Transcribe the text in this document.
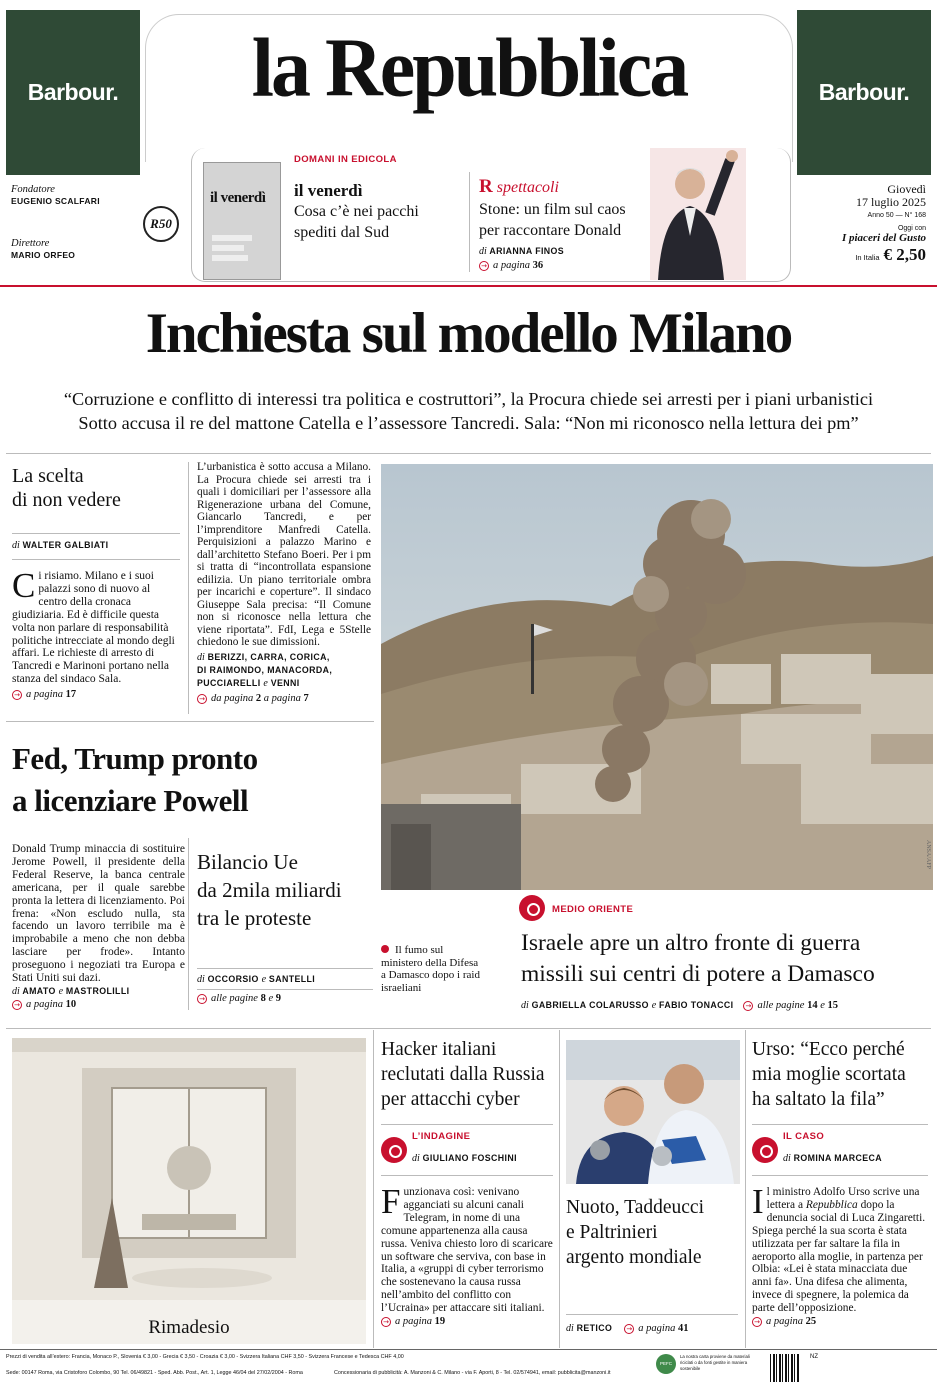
Barbour.	Barbour.
la Repubblica
Fondatore
EUGENIO SCALFARI
Direttore
MARIO ORFEO
R50
DOMANI IN EDICOLA
il venerdì	il venerdì
Cosa c’è nei pacchi spediti dal Sud
R spettacoli
Stone: un film sul caos per raccontare Donald
di ARIANNA FINOS
→ a pagina 36
Giovedì
17 luglio 2025
Anno 50 — N° 168
Oggi con
I piaceri del Gusto
In Italia € 2,50
Inchiesta sul modello Milano
“Corruzione e conflitto di interessi tra politica e costruttori”, la Procura chiede sei arresti per i piani urbanistici
Sotto accusa il re del mattone Catella e l’assessore Tancredi. Sala: “Non mi riconosco nella lettura dei pm”
La scelta
di non vedere
di WALTER GALBIATI
Ci risiamo. Milano e i suoi palazzi sono di nuovo al centro della cronaca giudiziaria. Ed è difficile questa volta non parlare di responsabilità politiche intrecciate al mondo degli affari. Le richieste di arresto di Tancredi e Marinoni portano nella stanza del sindaco Sala.
→ a pagina 17
L’urbanistica è sotto accusa a Milano. La Procura chiede sei arresti tra i quali i domiciliari per l’assessore alla Rigenerazione urbana del Comune, Giancarlo Tancredi, e per l’imprenditore Manfredi Catella. Perquisizioni a palazzo Marino e dall’architetto Stefano Boeri. Per i pm si tratta di “incontrollata espansione edilizia. Un piano territoriale ombra per incarichi e coperture”. Il sindaco Giuseppe Sala precisa: “Il Comune non si riconosce nella lettura che viene riportata”. FdI, Lega e 5Stelle chiedono le sue dimissioni.
di BERIZZI, CARRA, CORICA,
DI RAIMONDO, MANACORDA,
PUCCIARELLI e VENNI
→ da pagina 2 a pagina 7
Fed, Trump pronto
a licenziare Powell
Donald Trump minaccia di sostituire Jerome Powell, il presidente della Federal Reserve, la banca centrale americana, per il quale sarebbe pronta la lettera di licenziamento. Poi frena: «Non escludo nulla, sta facendo un lavoro terribile ma è improbabile a meno che non debba lasciare per frode». Intanto proseguono i negoziati tra Europa e Stati Uniti sui dazi.
di AMATO e MASTROLILLI
→ a pagina 10
Bilancio Ue
da 2mila miliardi
tra le proteste
di OCCORSIO e SANTELLI
→ alle pagine 8 e 9
ANSA/AFP
Il fumo sul ministero della Difesa a Damasco dopo i raid israeliani
MEDIO ORIENTE
Israele apre un altro fronte di guerra
missili sui centri di potere a Damasco
di GABRIELLA COLARUSSO e FABIO TONACCI → alle pagine 14 e 15
Rimadesio
Hacker italiani
reclutati dalla Russia
per attacchi cyber
L’INDAGINE
di GIULIANO FOSCHINI
Funzionava così: venivano agganciati su alcuni canali Telegram, in nome di una comune appartenenza alla causa russa. Veniva chiesto loro di scaricare un software che serviva, con base in Italia, a «gruppi di cyber terrorismo che sostenevano la causa russa nell’ambito del conflitto con l’Ucraina» per attaccare siti italiani.
→ a pagina 19
Nuoto, Taddeucci
e Paltrinieri
argento mondiale
di RETICO → a pagina 41
Urso: “Ecco perché
mia moglie scortata
ha saltato la fila”
IL CASO
di ROMINA MARCECA
Il ministro Adolfo Urso scrive una lettera a Repubblica dopo la denuncia social di Luca Zingaretti. Spiega perché la sua scorta è stata utilizzata per far saltare la fila in aeroporto alla moglie, in partenza per Olbia: «Lei è stata minacciata due anni fa». Una difesa che alimenta, invece di spegnere, la polemica da parte dell’opposizione.
→ a pagina 25
Prezzi di vendita all’estero: Francia, Monaco P., Slovenia € 3,00 - Grecia € 3,50 - Croazia € 3,00 - Svizzera Italiana CHF 3,50 - Svizzera Francese e Tedesca CHF 4,00
Sede: 00147 Roma, via Cristoforo Colombo, 90 Tel. 06/49821 - Sped. Abb. Post., Art. 1, Legge 46/04 del 27/02/2004 - Roma	Concessionaria di pubblicità: A. Manzoni & C. Milano - via F. Aporti, 8 - Tel. 02/574941, email: pubblicita@manzoni.it
PEFC
La nostra carta proviene da materiali riciclati o da fonti gestite in maniera sostenibile
NZ
